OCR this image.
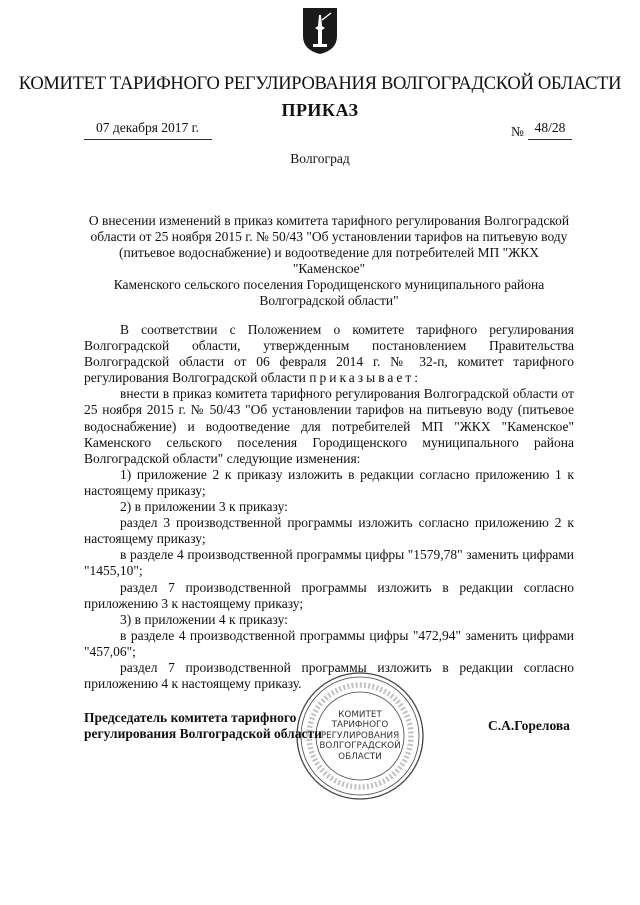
КОМИТЕТ ТАРИФНОГО РЕГУЛИРОВАНИЯ ВОЛГОГРАДСКОЙ ОБЛАСТИ
ПРИКАЗ
07 декабря 2017 г.	№ 48/28
Волгоград
О внесении изменений в приказ комитета тарифного регулирования Волгоградской
области от 25 ноября 2015 г. № 50/43 "Об установлении тарифов на питьевую воду
(питьевое водоснабжение) и водоотведение для потребителей МП "ЖКХ "Каменское"
Каменского сельского поселения Городищенского муниципального района
Волгоградской области"

В соответствии с Положением о комитете тарифного регулирования Волгоградской области, утвержденным постановлением Правительства Волгоградской области от 06 февраля 2014 г. № 32-п, комитет тарифного регулирования Волгоградской области приказывает:

внести в приказ комитета тарифного регулирования Волгоградской области от 25 ноября 2015 г. № 50/43 "Об установлении тарифов на питьевую воду (питьевое водоснабжение) и водоотведение для потребителей МП "ЖКХ "Каменское" Каменского сельского поселения Городищенского муниципального района Волгоградской области" следующие изменения:

1) приложение 2 к приказу изложить в редакции согласно приложению 1 к настоящему приказу;

2) в приложении 3 к приказу:

раздел 3 производственной программы изложить согласно приложению 2 к настоящему приказу;

в разделе 4 производственной программы цифры "1579,78" заменить цифрами "1455,10";

раздел 7 производственной программы изложить в редакции согласно приложению 3 к настоящему приказу;

3) в приложении 4 к приказу:

в разделе 4 производственной программы цифры "472,94" заменить цифрами "457,06";

раздел 7 производственной программы изложить в редакции согласно приложению 4 к настоящему приказу.

КОМИТЕТ
ТАРИФНОГО
РЕГУЛИРОВАНИЯ
ВОЛГОГРАДСКОЙ
ОБЛАСТИ
Председатель комитета тарифного
регулирования Волгоградской области
С.А.Горелова
